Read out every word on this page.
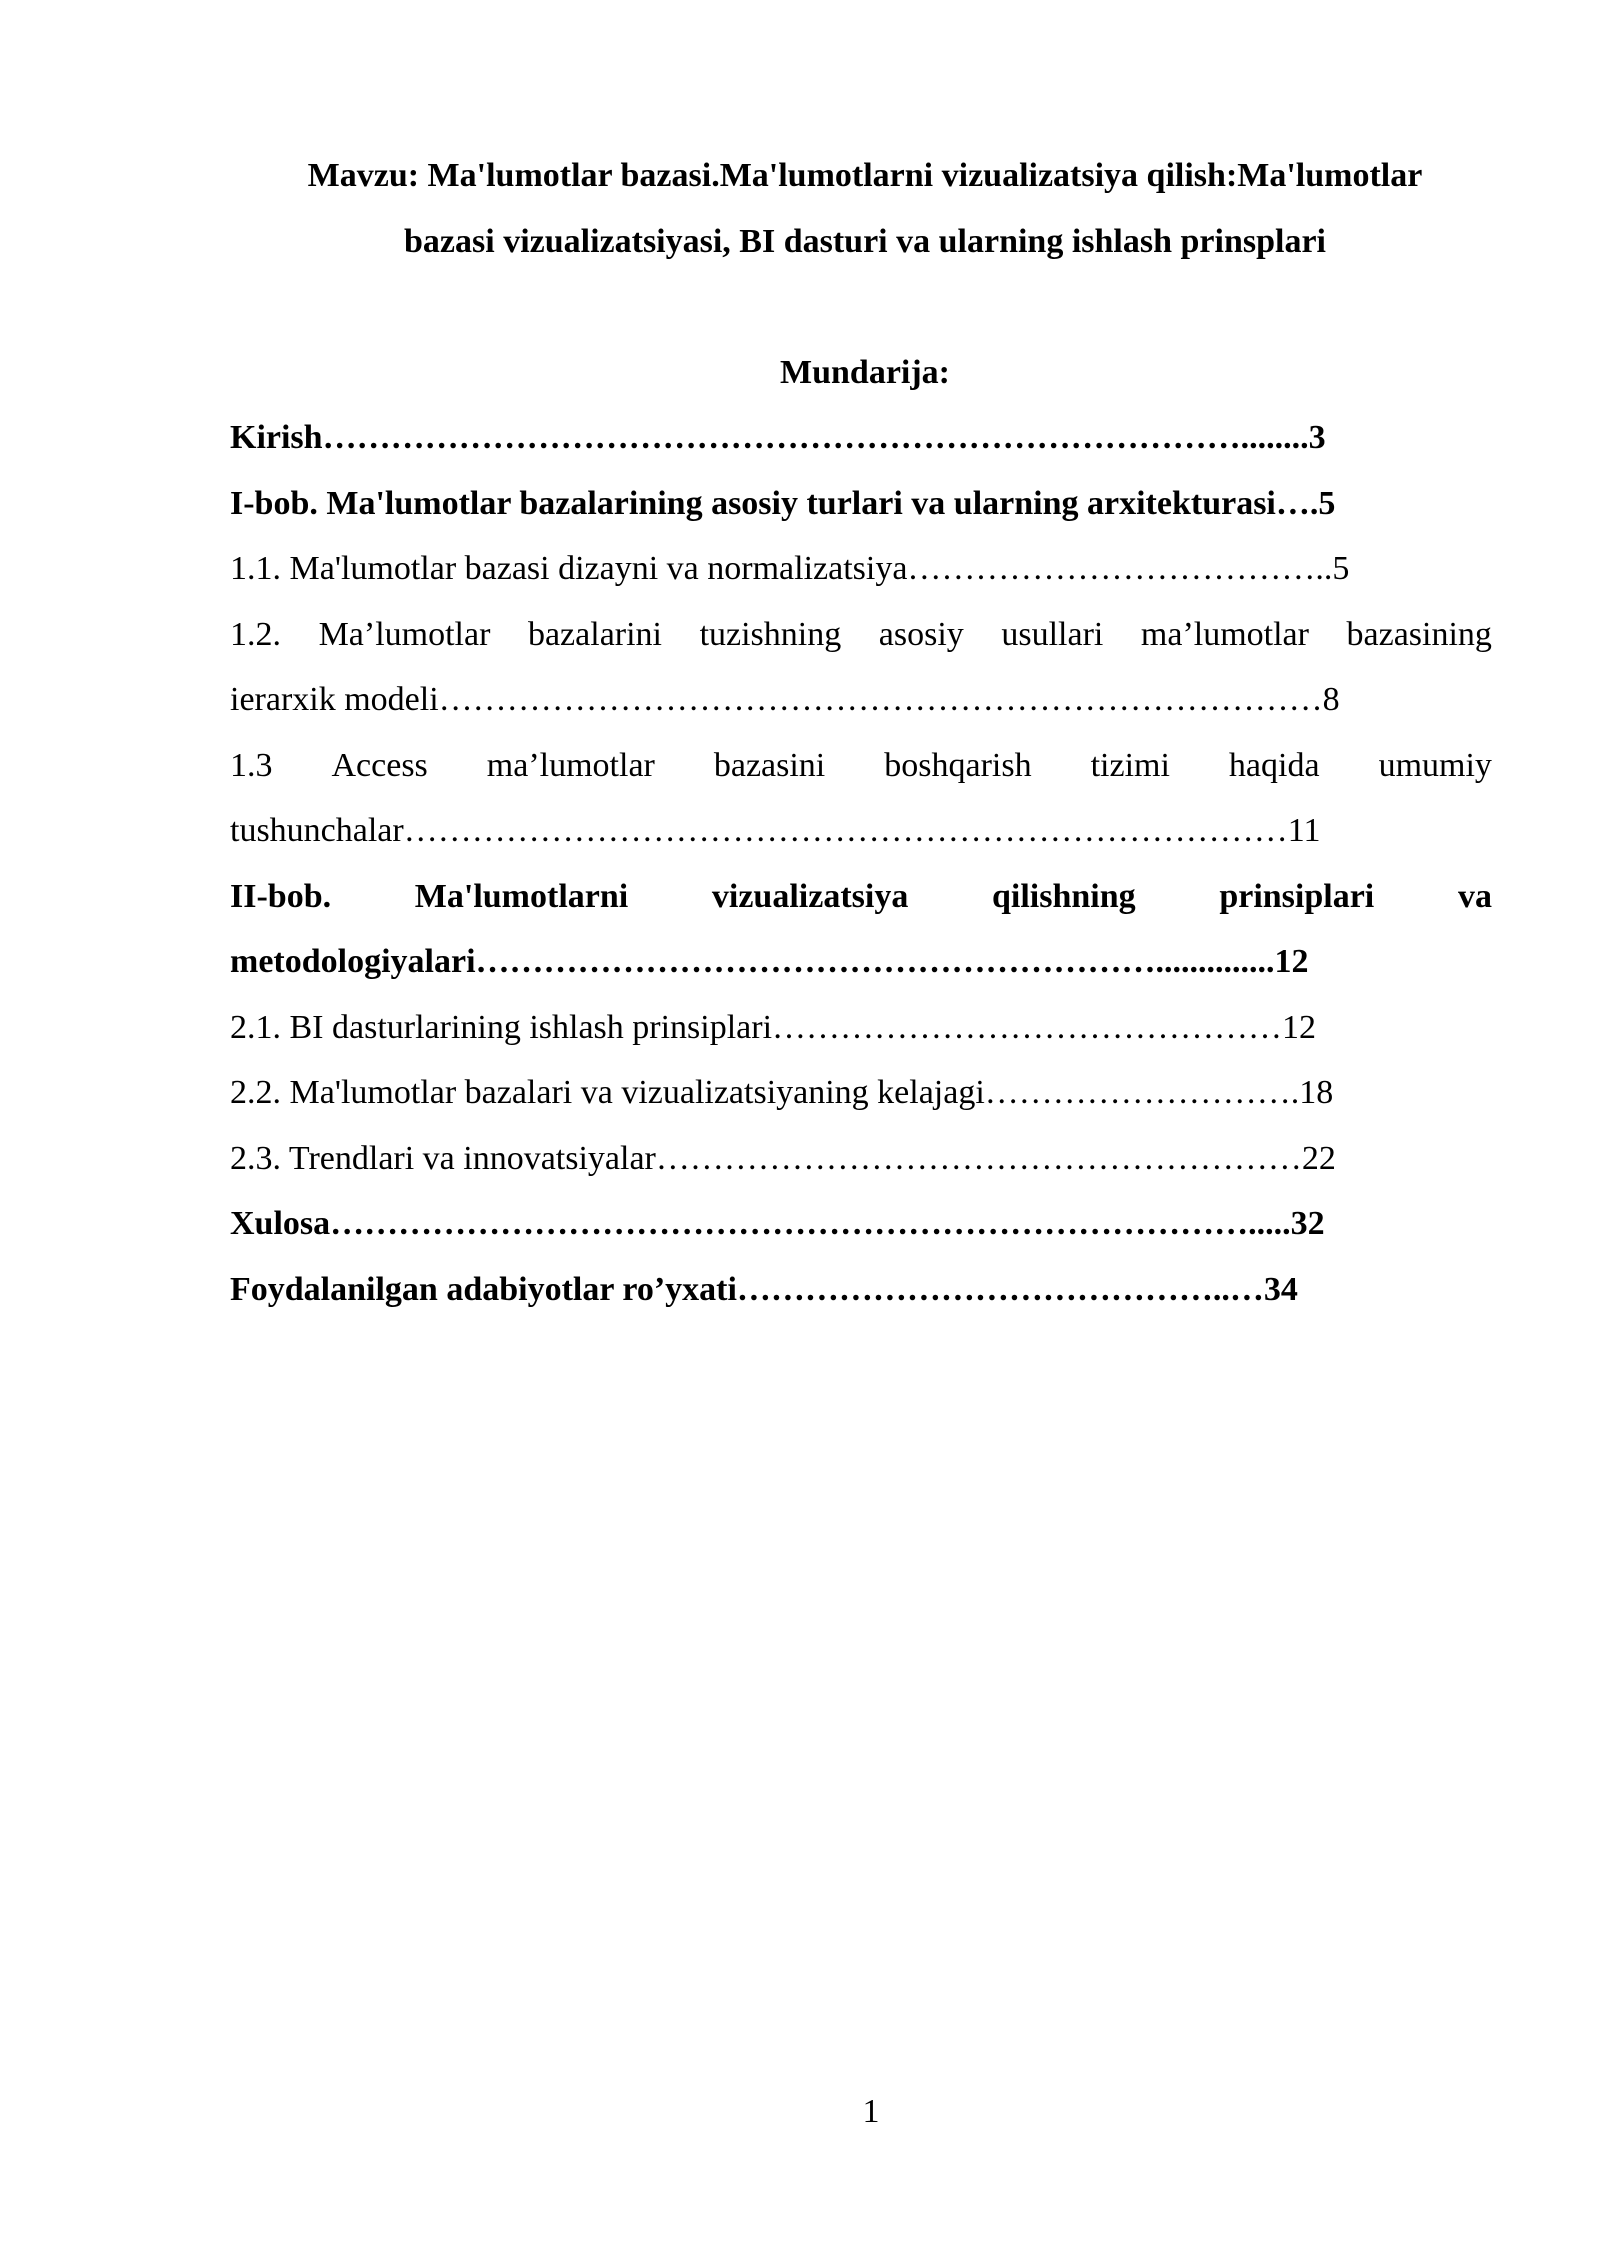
Mavzu: Ma'lumotlar bazasi.Ma'lumotlarni vizualizatsiya qilish:Ma'lumotlar
bazasi vizualizatsiyasi, BI dasturi va ularning ishlash prinsplari
Mundarija:
Kirish………………………………………………………………………........3
I-bob. Ma'lumotlar bazalarining asosiy turlari va ularning arxitekturasi….5
1.1. Ma'lumotlar bazasi dizayni va normalizatsiya………………………………..5
1.2. Ma’lumotlar bazalarini tuzishning asosiy usullari ma’lumotlar bazasining
ierarxik modeli……………………………………………………………………8
1.3 Access ma’lumotlar bazasini boshqarish tizimi haqida umumiy
tushunchalar……………………………………………………………………11
II-bob. Ma'lumotlarni vizualizatsiya qilishning prinsiplari va
metodologiyalari……………………………………………………..............12
2.1. BI dasturlarining ishlash prinsiplari………………………………………12
2.2. Ma'lumotlar bazalari va vizualizatsiyaning kelajagi……………………….18
2.3. Trendlari va innovatsiyalar…………………………………………………22
Xulosa……………………………………………………………………….....32
Foydalanilgan adabiyotlar ro’yxati……………………………………..…34
1
